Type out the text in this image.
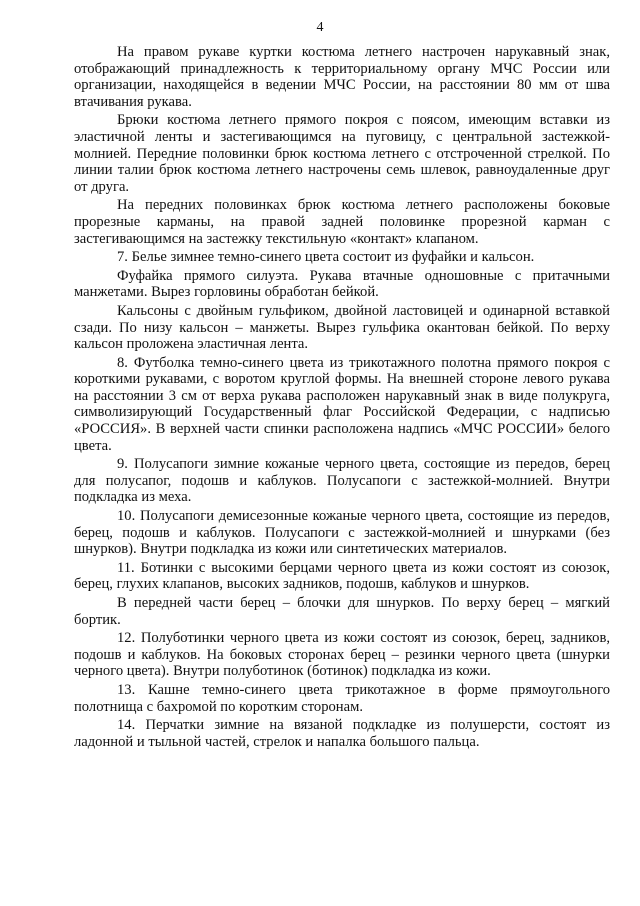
4

На правом рукаве куртки костюма летнего настрочен нарукавный знак, отображающий принадлежность к территориальному органу МЧС России или организации, находящейся в ведении МЧС России, на расстоянии 80 мм от шва втачивания рукава.

Брюки костюма летнего прямого покроя с поясом, имеющим вставки из эластичной ленты и застегивающимся на пуговицу, с центральной застежкой-молнией. Передние половинки брюк костюма летнего с отстроченной стрелкой. По линии талии брюк костюма летнего настрочены семь шлевок, равноудаленные друг от друга.

На передних половинках брюк костюма летнего расположены боковые прорезные карманы, на правой задней половинке прорезной карман с застегивающимся на застежку текстильную «контакт» клапаном.

7. Белье зимнее темно-синего цвета состоит из фуфайки и кальсон.

Фуфайка прямого силуэта. Рукава втачные одношовные с притачными манжетами. Вырез горловины обработан бейкой.

Кальсоны с двойным гульфиком, двойной ластовицей и одинарной вставкой сзади. По низу кальсон – манжеты. Вырез гульфика окантован бейкой. По верху кальсон проложена эластичная лента.

8. Футболка темно-синего цвета из трикотажного полотна прямого покроя с короткими рукавами, с воротом круглой формы. На внешней стороне левого рукава на расстоянии 3 см от верха рукава расположен нарукавный знак в виде полукруга, символизирующий Государственный флаг Российской Федерации, с надписью «РОССИЯ». В верхней части спинки расположена надпись «МЧС РОССИИ» белого цвета.

9. Полусапоги зимние кожаные черного цвета, состоящие из передов, берец для полусапог, подошв и каблуков. Полусапоги с застежкой-молнией. Внутри подкладка из меха.

10. Полусапоги демисезонные кожаные черного цвета, состоящие из передов, берец, подошв и каблуков. Полусапоги с застежкой-молнией и шнурками (без шнурков). Внутри подкладка из кожи или синтетических материалов.

11. Ботинки с высокими берцами черного цвета из кожи состоят из союзок, берец, глухих клапанов, высоких задников, подошв, каблуков и шнурков.

В передней части берец – блочки для шнурков. По верху берец – мягкий бортик.

12. Полуботинки черного цвета из кожи состоят из союзок, берец, задников, подошв и каблуков. На боковых сторонах берец – резинки черного цвета (шнурки черного цвета). Внутри полуботинок (ботинок) подкладка из кожи.

13. Кашне темно-синего цвета трикотажное в форме прямоугольного полотнища с бахромой по коротким сторонам.

14. Перчатки зимние на вязаной подкладке из полушерсти, состоят из ладонной и тыльной частей, стрелок и напалка большого пальца.
